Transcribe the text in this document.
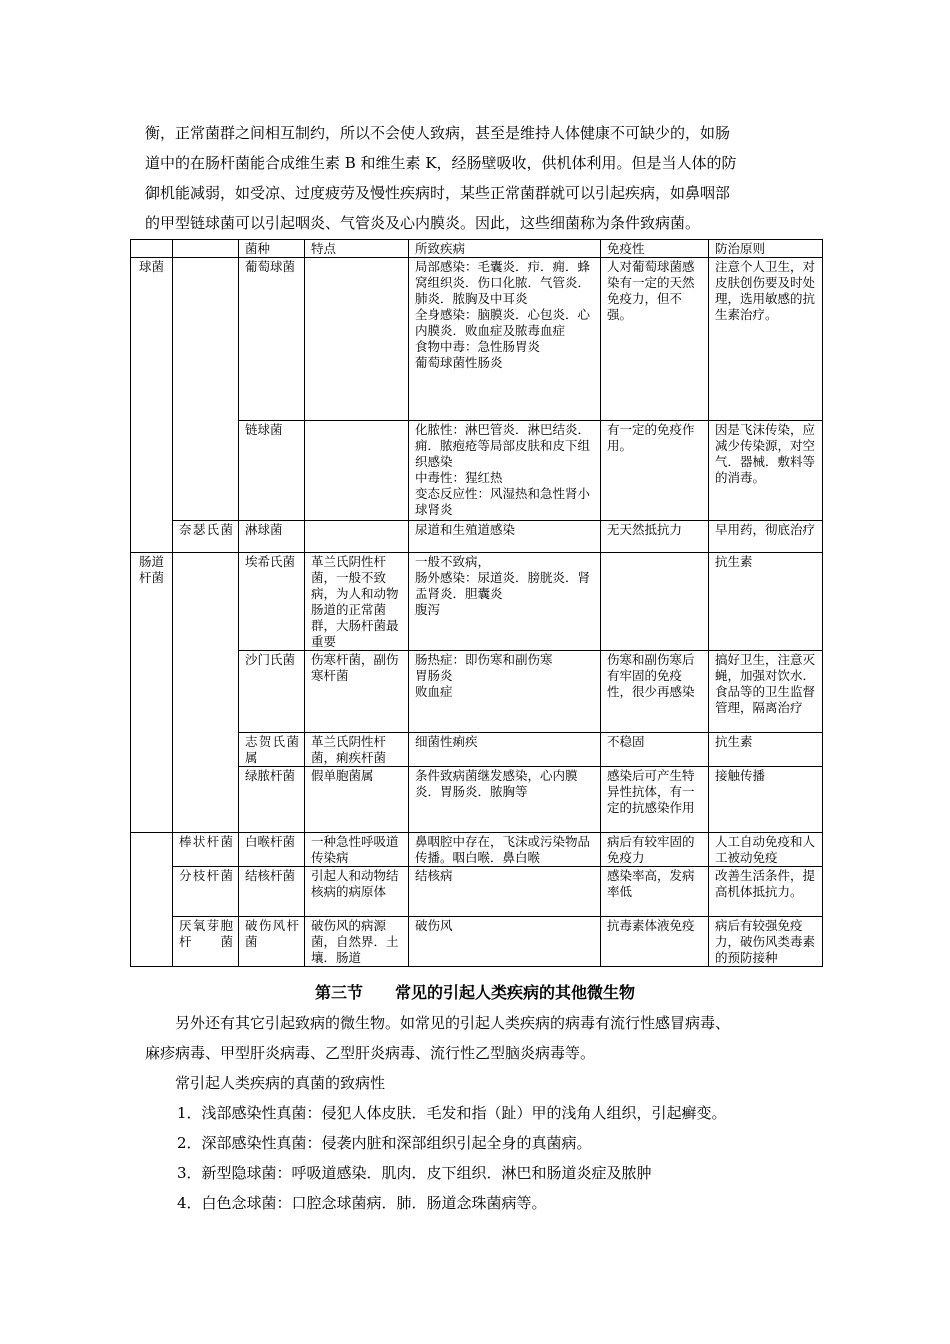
衡，正常菌群之间相互制约，所以不会使人致病，甚至是维持人体健康不可缺少的，如肠
道中的在肠杆菌能合成维生素 B 和维生素 K，经肠壁吸收，供机体利用。但是当人体的防
御机能减弱，如受凉、过度疲劳及慢性疾病时，某些正常菌群就可以引起疾病，如鼻咽部
的甲型链球菌可以引起咽炎、气管炎及心内膜炎。因此，这些细菌称为条件致病菌。
		菌种	特点	所致疾病	免疫性	防治原则
球菌		葡萄球菌		局部感染：毛囊炎．疖．痈．蜂窝组织炎．伤口化脓．气管炎．肺炎．脓胸及中耳炎
全身感染：脑膜炎．心包炎．心内膜炎．败血症及脓毒血症
食物中毒：急性肠胃炎
葡萄球菌性肠炎	人对葡萄球菌感染有一定的天然免疫力，但不强。	注意个人卫生，对皮肤创伤要及时处理，选用敏感的抗生素治疗。
		链球菌		化脓性：淋巴管炎．淋巴结炎．痈．脓疱疮等局部皮肤和皮下组织感染
中毒性：猩红热
变态反应性：风湿热和急性肾小球肾炎	有一定的免疫作用。	因是飞沫传染，应减少传染源，对空气．器械．敷料等的消毒。
	奈瑟氏菌	淋球菌		尿道和生殖道感染	无天然抵抗力	早用药，彻底治疗
肠道杆菌		埃希氏菌	革兰氏阴性杆菌，一般不致病，为人和动物肠道的正常菌群，大肠杆菌最重要	一般不致病，
肠外感染：尿道炎．膀胱炎．肾盂肾炎．胆囊炎
腹泻		抗生素
		沙门氏菌	伤寒杆菌，副伤寒杆菌	肠热症：即伤寒和副伤寒
胃肠炎
败血症	伤寒和副伤寒后有牢固的免疫性，很少再感染	搞好卫生，注意灭蝇，加强对饮水．食品等的卫生监督管理，隔离治疗
		志贺氏菌属	革兰氏阴性杆菌，痢疾杆菌	细菌性痢疾	不稳固	抗生素
		绿脓杆菌	假单胞菌属	条件致病菌继发感染，心内膜炎．胃肠炎．脓胸等	感染后可产生特异性抗体，有一定的抗感染作用	接触传播
	棒状杆菌	白喉杆菌	一种急性呼吸道传染病	鼻咽腔中存在，飞沫或污染物品传播。咽白喉．鼻白喉	病后有较牢固的免疫力	人工自动免疫和人工被动免疫
	分枝杆菌	结核杆菌	引起人和动物结核病的病原体	结核病	感染率高，发病率低	改善生活条件，提高机体抵抗力。
	厌氧芽胞杆菌	破伤风杆菌	破伤风的病源菌，自然界．土壤．肠道	破伤风	抗毒素体液免疫	病后有较强免疫力，破伤风类毒素的预防接种
第三节　　常见的引起人类疾病的其他微生物
　　另外还有其它引起致病的微生物。如常见的引起人类疾病的病毒有流行性感冒病毒、
麻疹病毒、甲型肝炎病毒、乙型肝炎病毒、流行性乙型脑炎病毒等。
　　常引起人类疾病的真菌的致病性
1．浅部感染性真菌：侵犯人体皮肤．毛发和指（趾）甲的浅角人组织，引起癣变。
2．深部感染性真菌：侵袭内脏和深部组织引起全身的真菌病。
3．新型隐球菌：呼吸道感染．肌肉．皮下组织．淋巴和肠道炎症及脓肿
4．白色念球菌：口腔念球菌病．肺．肠道念珠菌病等。
